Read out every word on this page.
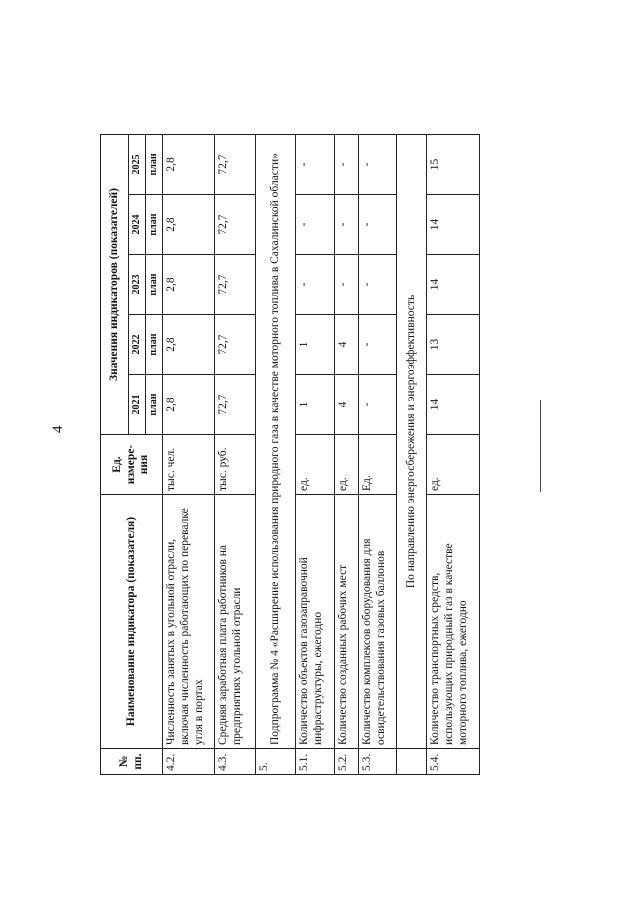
4
№ пп.	Наименование индикатора (показателя)	Ед. измере-ния	Значения индикаторов (показателей)				
			2021	2022	2023	2024	2025
			план	план	план	план	план
4.2.	Численность занятых в угольной отрасли, включая численность работающих по перевалке угля в портах	тыс. чел.	2,8	2,8	2,8	2,8	2,8
4.3.	Средняя заработная плата работников на предприятиях угольной отрасли	тыс. руб.	72,7	72,7	72,7	72,7	72,7
5.	Подпрограмма № 4 «Расширение использования природного газа в качестве моторного топлива в Сахалинской области»						
5.1.	Количество объектов газозаправочной инфраструктуры, ежегодно	ед.	1	1	-	-	-
5.2.	Количество созданных рабочих мест	ед.	4	4	-	-	-
5.3.	Количество комплексов оборудования для освидетельствования газовых баллонов	Ед.	-	-	-	-	-
	По направлению энергосбережения и энергоэффективность						
5.4.	Количество транспортных средств, использующих природный газ в качестве моторного топлива, ежегодно	ед.	14	13	14	14	15
